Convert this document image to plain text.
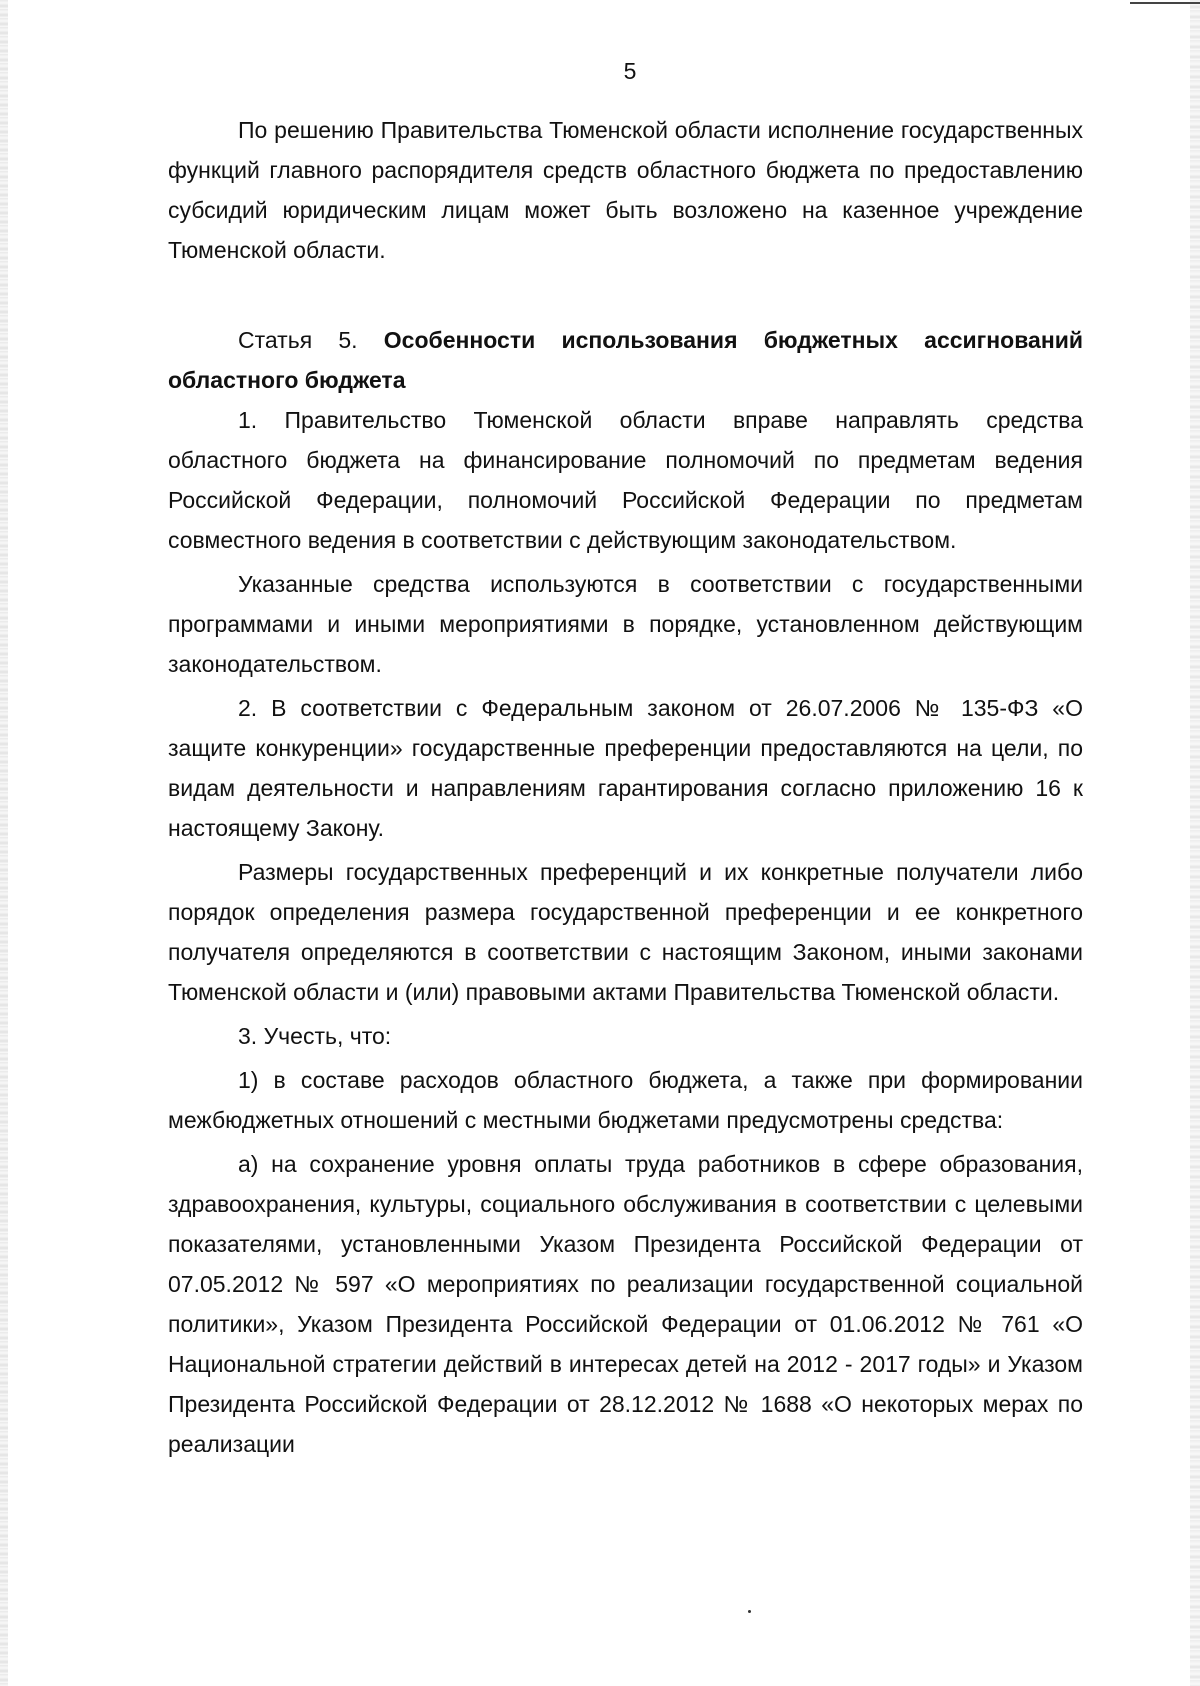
5

По решению Правительства Тюменской области исполнение государственных функций главного распорядителя средств областного бюджета по предоставлению субсидий юридическим лицам может быть возложено на казенное учреждение Тюменской области.

Статья 5. Особенности использования бюджетных ассигнований областного бюджета

1. Правительство Тюменской области вправе направлять средства областного бюджета на финансирование полномочий по предметам ведения Российской Федерации, полномочий Российской Федерации по предметам совместного ведения в соответствии с действующим законодательством.

Указанные средства используются в соответствии с государственными программами и иными мероприятиями в порядке, установленном действующим законодательством.

2. В соответствии с Федеральным законом от 26.07.2006 № 135-ФЗ «О защите конкуренции» государственные преференции предоставляются на цели, по видам деятельности и направлениям гарантирования согласно приложению 16 к настоящему Закону.

Размеры государственных преференций и их конкретные получатели либо порядок определения размера государственной преференции и ее конкретного получателя определяются в соответствии с настоящим Законом, иными законами Тюменской области и (или) правовыми актами Правительства Тюменской области.

3. Учесть, что:

1) в составе расходов областного бюджета, а также при формировании межбюджетных отношений с местными бюджетами предусмотрены средства:

а) на сохранение уровня оплаты труда работников в сфере образования, здравоохранения, культуры, социального обслуживания в соответствии с целевыми показателями, установленными Указом Президента Российской Федерации от 07.05.2012 № 597 «О мероприятиях по реализации государственной социальной политики», Указом Президента Российской Федерации от 01.06.2012 № 761 «О Национальной стратегии действий в интересах детей на 2012 - 2017 годы» и Указом Президента Российской Федерации от 28.12.2012 № 1688 «О некоторых мерах по реализации
